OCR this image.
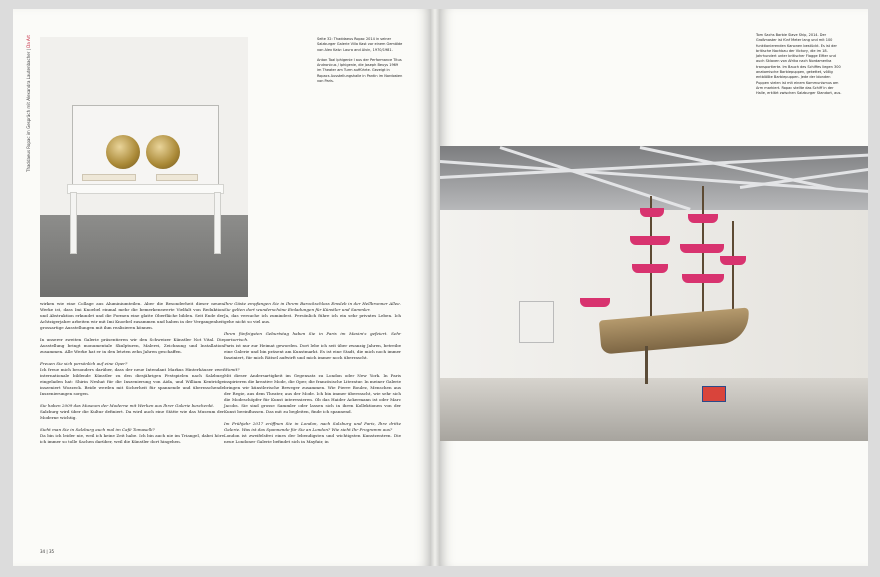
Thaddaeus Ropac im Gespräch mit Alexandra Lautenbacher | Da Art	Seite 32: Thaddaeus Ropac 2014 in seiner Salzburger Galerie Villa Kast vor einem Gemälde von Alex Katz: Laura and Alvin, 1970/1981.
Anton Toal Iphigenie I aus der Performance Titus Andronicus / Iphigenie, die Joseph Beuys 1969 im Theater am Turm aufführte. Gezeigt in Ropacs Ausstellungshalle in Pantin im Nordosten von Paris.

wirken wie eine Collage aus Aluminiumteilen. Aber die Besonderheit dieser neuen Werke ist, dass Imi Knoebel einmal mehr die bemerkenswerte Vielfalt von Reduktion und Abstraktion erkundet und die Formen eine glatte Oberfläche bilden. Seit Ende der Achtzigerjahre arbeiten wir mit Imi Knoebel zusammen und haben in der Vergangenheit grossartige Ausstellungen mit ihm realisieren können.

In unserer zweiten Galerie präsentieren wir den Schweizer Künstler Not Vital. Die Ausstellung bringt monumentale Skulpturen, Malerei, Zeichnung und Installation zusammen. Alle Werke hat er in den letzten zehn Jahren geschaffen.

Freuen Sie sich persönlich auf eine Oper?

Ich freue mich besonders darüber, dass der neue Intendant Markus Hinterhäuser zwei internationale bildende Künstler zu den diesjährigen Festspielen nach Salzburg eingeladen hat: Shirin Neshat für die Inszenierung von Aida, und William Kentridge inszeniert Wozzeck. Beide werden mit Sicherheit für spannende und überraschende Inszenierungen sorgen.

Sie haben 2009 das Museum der Moderne mit Werken aus Ihrer Galerie beschenkt.

Salzburg wird über die Kultur definiert. Da wird auch eine Stätte wie das Museum der Moderne wichtig.

Sieht man Sie in Salzburg auch mal im Café Tomaselli?

Da bin ich leider nie, weil ich keine Zeit habe. Ich bin auch nie im Triangel, dabei höre ich immer so tolle Sachen darüber, weil die Künstler dort hingehen.

Ihre Gäste empfangen Sie in Ihrem Barockschloss Emsleb in der Hellbrunner Allee. Sie gelten dort wunderschöne Einladungen für Künstler und Sammler.

Ja, das versuche ich zumindest. Persönlich führe ich ein sehr privates Leben. Ich gehe nicht so viel aus.

Ihren fünfzigsten Geburtstag haben Sie in Paris im Maxim's gefeiert. Sehr pariserisch.

Paris ist nur zur Heimat geworden. Dort lebe ich seit über zwanzig Jahren, betreibe eine Galerie und bin präsent am Kunstmarkt. Es ist eine Stadt, die mich noch immer fasziniert, für mich Rätsel aufwirft und mich immer noch überrascht.

Womit?

Mit dieser Andersartigkeit im Gegensatz zu London oder New York. In Paris inspirieren die kreative Mode, die Oper, die französische Literatur. In meiner Galerie bringen wir künstlerische Beweger zusammen. Wie Pierre Boulez, Menschen aus der Regie, aus dem Theater, aus der Mode. Ich bin immer überrascht, wie sehr sich die Modeschöpfer für Kunst interessieren. Ob das Haider Ackermann ist oder Marc Jacobs. Sie sind grosse Sammler oder lassen sich in ihren Kollektionen von der Kunst beeinflussen. Das mit zu begleiten, finde ich spannend.

Im Frühjahr 2017 eröffnen Sie in London, nach Salzburg und Paris, Ihre dritte Galerie. Was ist das Spannende für Sie an London? Wie sieht Ihr Programm aus?

London ist zweifelsfrei eines der lebendigsten und wichtigsten Kunstzentren. Die neue Londoner Galerie befindet sich in Mayfair, in

34 | 35
Tom Sachs Barbie Slave Ship, 2014. Der Großmaster ist fünf Meter lang und mit 100 funktionierenden Kanonen bestückt. Es ist der britische Nachbau der Victory, die im 18. Jahrhundert unter britischer Flagge Elfter und auch Sklaven von Afrika nach Nordamerika transportierte. Im Bauch des Schiffes liegen 300 anatomische Barbiepuppen, gekettet, völlig entblößte Barbiepuppen. Jede der blonden Puppen vielen ist mit einem Kommunismus am Arm markiert. Ropac stellte das Schiff in der Halle, erklärt zwischen Salzburger Standort, aus.
